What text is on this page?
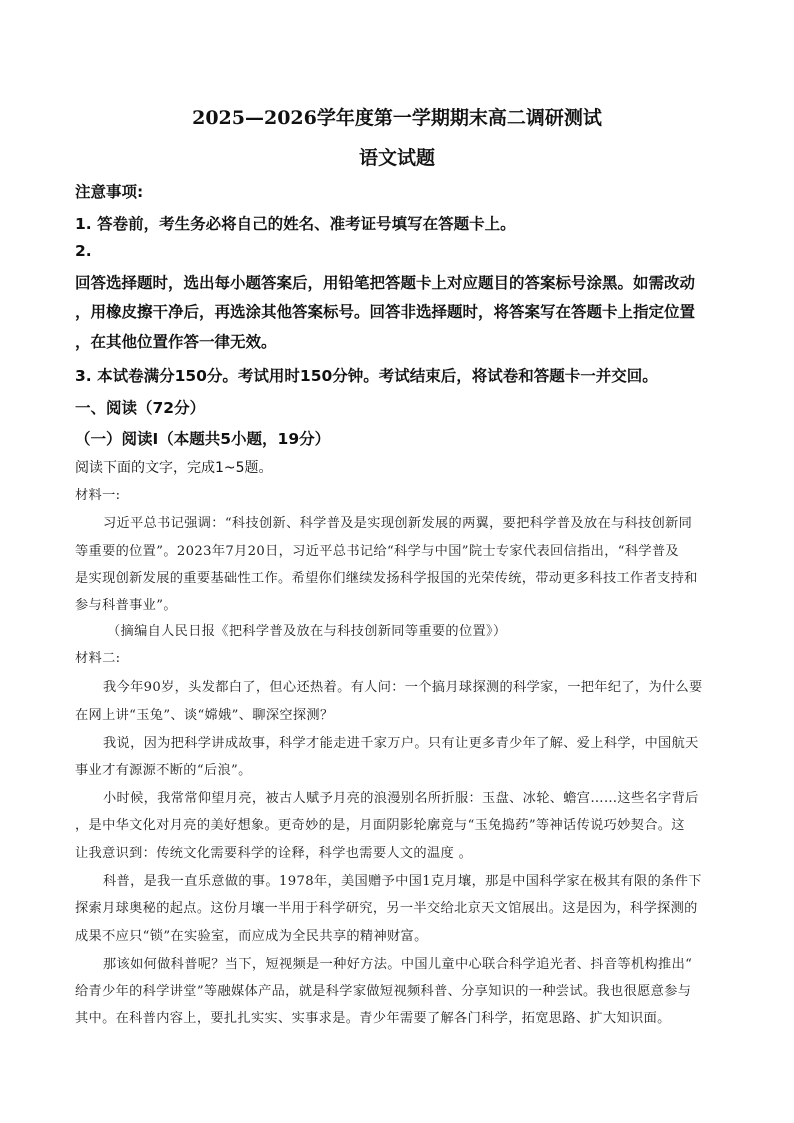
2025—2026学年度第一学期期末高二调研测试
语文试题
注意事项:
1. 答卷前，考生务必将自己的姓名、准考证号填写在答题卡上。
2.
回答选择题时，选出每小题答案后，用铅笔把答题卡上对应题目的答案标号涂黑。如需改动
，用橡皮擦干净后，再选涂其他答案标号。回答非选择题时，将答案写在答题卡上指定位置
，在其他位置作答一律无效。
3. 本试卷满分150分。考试用时150分钟。考试结束后，将试卷和答题卡一并交回。
一、阅读（72分）
（一）阅读I（本题共5小题，19分）
阅读下面的文字，完成1~5题。
材料一:
习近平总书记强调：“科技创新、科学普及是实现创新发展的两翼，要把科学普及放在与科技创新同
等重要的位置”。2023年7月20日，习近平总书记给“科学与中国”院士专家代表回信指出，“科学普及
是实现创新发展的重要基础性工作。希望你们继续发扬科学报国的光荣传统，带动更多科技工作者支持和
参与科普事业”。
（摘编自人民日报《把科学普及放在与科技创新同等重要的位置》）
材料二:
我今年90岁，头发都白了，但心还热着。有人问：一个搞月球探测的科学家，一把年纪了，为什么要
在网上讲“玉兔”、谈“嫦娥”、聊深空探测？
我说，因为把科学讲成故事，科学才能走进千家万户。只有让更多青少年了解、爱上科学，中国航天
事业才有源源不断的“后浪”。
小时候，我常常仰望月亮，被古人赋予月亮的浪漫别名所折服：玉盘、冰轮、蟾宫……这些名字背后
，是中华文化对月亮的美好想象。更奇妙的是，月面阴影轮廓竟与“玉兔捣药”等神话传说巧妙契合。这
让我意识到：传统文化需要科学的诠释，科学也需要人文的温度 。
科普，是我一直乐意做的事。1978年，美国赠予中国1克月壤，那是中国科学家在极其有限的条件下
探索月球奥秘的起点。这份月壤一半用于科学研究，另一半交给北京天文馆展出。这是因为，科学探测的
成果不应只“锁”在实验室，而应成为全民共享的精神财富。
那该如何做科普呢？当下，短视频是一种好方法。中国儿童中心联合科学追光者、抖音等机构推出“
给青少年的科学讲堂”等融媒体产品，就是科学家做短视频科普、分享知识的一种尝试。我也很愿意参与
其中。在科普内容上，要扎扎实实、实事求是。青少年需要了解各门科学，拓宽思路、扩大知识面。
